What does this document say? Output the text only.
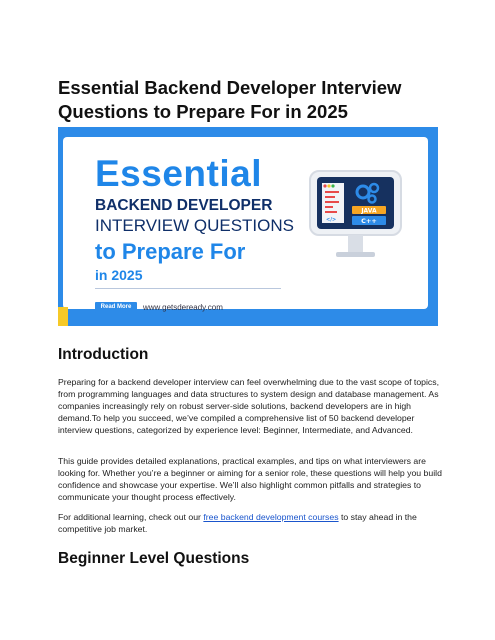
Essential Backend Developer Interview Questions to Prepare For in 2025
Essential
BACKEND DEVELOPER
INTERVIEW QUESTIONS
to Prepare For
in 2025
Read More	www.getsdeready.com
</>
JAVA
C++
Introduction

Preparing for a backend developer interview can feel overwhelming due to the vast scope of topics, from programming languages and data structures to system design and database management. As companies increasingly rely on robust server-side solutions, backend developers are in high demand.To help you succeed, we’ve compiled a comprehensive list of 50 backend developer interview questions, categorized by experience level: Beginner, Intermediate, and Advanced.

This guide provides detailed explanations, practical examples, and tips on what interviewers are looking for. Whether you’re a beginner or aiming for a senior role, these questions will help you build confidence and showcase your expertise. We’ll also highlight common pitfalls and strategies to communicate your thought process effectively.

For additional learning, check out our free backend development courses to stay ahead in the competitive job market.

Beginner Level Questions
